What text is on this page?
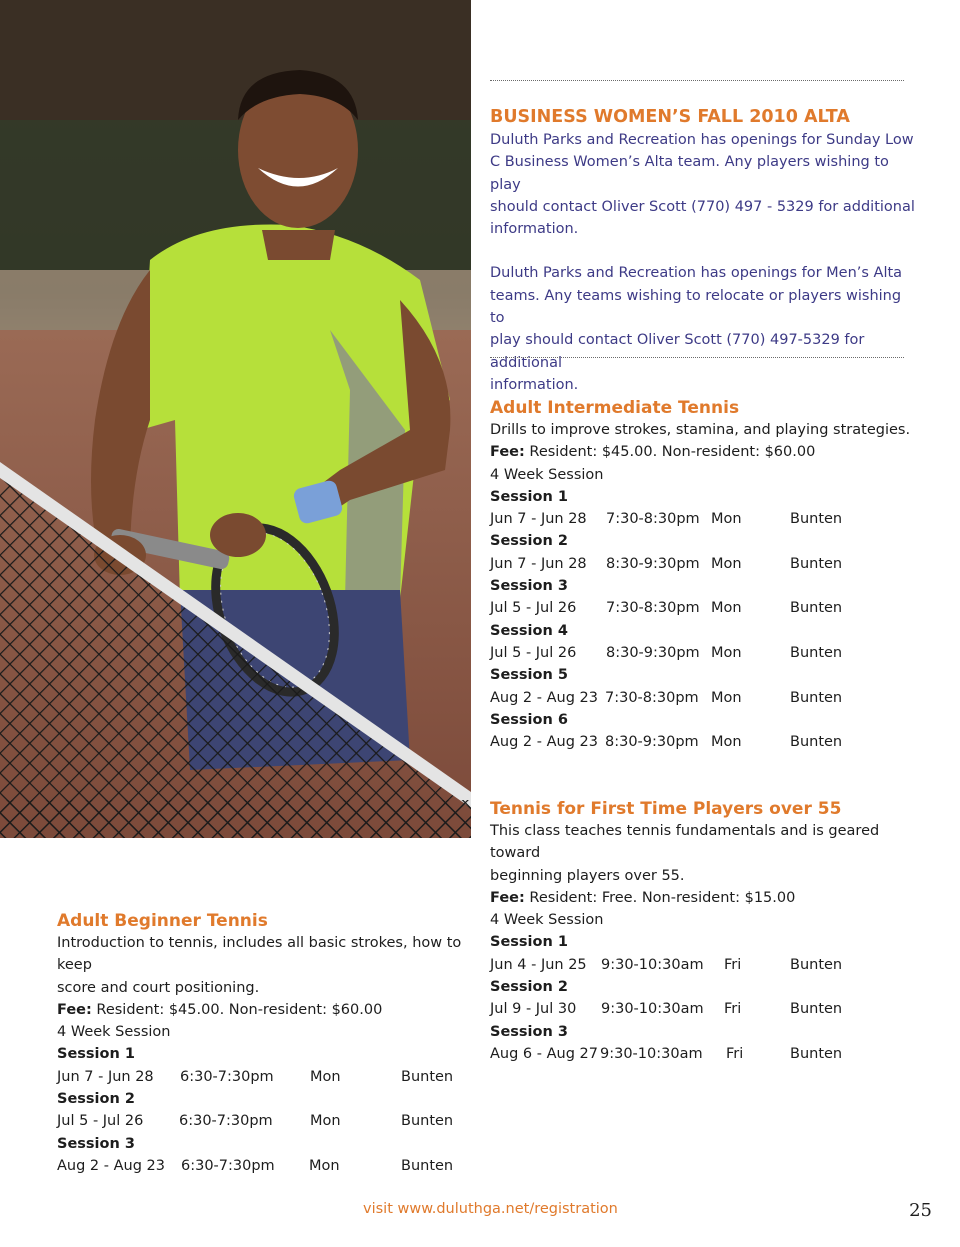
BUSINESS WOMEN’S FALL 2010 ALTA

Duluth Parks and Recreation has openings for Sunday Low
C Business Women’s Alta team. Any players wishing to play
should contact Oliver Scott (770) 497 - 5329 for additional
information.

Duluth Parks and Recreation has openings for Men’s Alta
teams. Any teams wishing to relocate or players wishing to
play should contact Oliver Scott (770) 497-5329 for additional
information.

Adult Intermediate Tennis

Drills to improve strokes, stamina, and playing strategies.

Fee: Resident: $45.00. Non-resident: $60.00

4 Week Session

Session 1
Jun 7 - Jun 28 7:30-8:30pm Mon	Bunten
Session 2
Jun 7 - Jun 28 8:30-9:30pm Mon	Bunten
Session 3
Jul 5 - Jul 26 7:30-8:30pm Mon	Bunten
Session 4
Jul 5 - Jul 26 8:30-9:30pm Mon	Bunten
Session 5
Aug 2 - Aug 23 7:30-8:30pm Mon	Bunten
Session 6
Aug 2 - Aug 23 8:30-9:30pm Mon	Bunten
Tennis for First Time Players over 55

This class teaches tennis fundamentals and is geared toward
beginning players over 55.

Fee: Resident: Free. Non-resident: $15.00

4 Week Session

Session 1
Jun 4 - Jun 25 9:30-10:30am Fri	Bunten
Session 2
Jul 9 - Jul 30 9:30-10:30am Fri	Bunten
Session 3
Aug 6 - Aug 27 9:30-10:30am Fri	Bunten
Adult Beginner Tennis

Introduction to tennis, includes all basic strokes, how to keep
score and court positioning.

Fee: Resident: $45.00. Non-resident: $60.00

4 Week Session

Session 1
Jun 7 - Jun 28 6:30-7:30pm	Mon	Bunten
Session 2
Jul 5 - Jul 26 6:30-7:30pm	Mon	Bunten
Session 3
Aug 2 - Aug 23 6:30-7:30pm Mon	Bunten
visit www.duluthga.net/registration	25
